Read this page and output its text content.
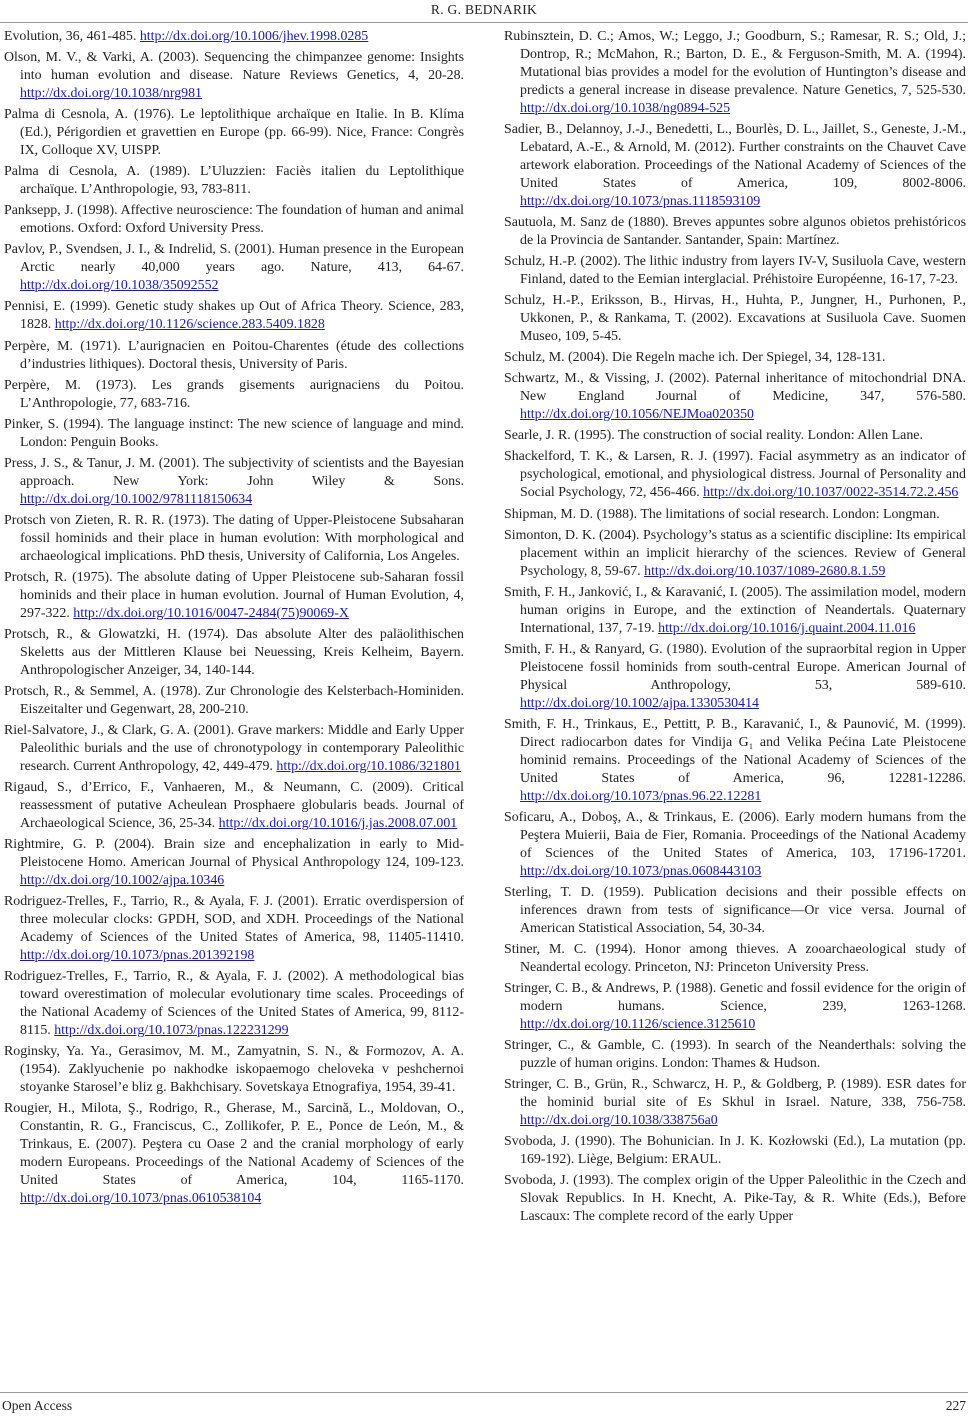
R. G. BEDNARIK

Evolution, 36, 461-485. http://dx.doi.org/10.1006/jhev.1998.0285

Olson, M. V., & Varki, A. (2003). Sequencing the chimpanzee genome: Insights into human evolution and disease. Nature Reviews Genetics, 4, 20-28. http://dx.doi.org/10.1038/nrg981

Palma di Cesnola, A. (1976). Le leptolithique archaïque en Italie. In B. Klíma (Ed.), Périgordien et gravettien en Europe (pp. 66-99). Nice, France: Congrès IX, Colloque XV, UISPP.

Palma di Cesnola, A. (1989). L’Uluzzien: Faciès italien du Leptolithique archaïque. L’Anthropologie, 93, 783-811.

Panksepp, J. (1998). Affective neuroscience: The foundation of human and animal emotions. Oxford: Oxford University Press.

Pavlov, P., Svendsen, J. I., & Indrelid, S. (2001). Human presence in the European Arctic nearly 40,000 years ago. Nature, 413, 64-67. http://dx.doi.org/10.1038/35092552

Pennisi, E. (1999). Genetic study shakes up Out of Africa Theory. Science, 283, 1828. http://dx.doi.org/10.1126/science.283.5409.1828

Perpère, M. (1971). L’aurignacien en Poitou-Charentes (étude des collections d’industries lithiques). Doctoral thesis, University of Paris.

Perpère, M. (1973). Les grands gisements aurignaciens du Poitou. L’Anthropologie, 77, 683-716.

Pinker, S. (1994). The language instinct: The new science of language and mind. London: Penguin Books.

Press, J. S., & Tanur, J. M. (2001). The subjectivity of scientists and the Bayesian approach. New York: John Wiley & Sons. http://dx.doi.org/10.1002/9781118150634

Protsch von Zieten, R. R. R. (1973). The dating of Upper-Pleistocene Subsaharan fossil hominids and their place in human evolution: With morphological and archaeological implications. PhD thesis, University of California, Los Angeles.

Protsch, R. (1975). The absolute dating of Upper Pleistocene sub-Saharan fossil hominids and their place in human evolution. Journal of Human Evolution, 4, 297-322. http://dx.doi.org/10.1016/0047-2484(75)90069-X

Protsch, R., & Glowatzki, H. (1974). Das absolute Alter des paläolithischen Skeletts aus der Mittleren Klause bei Neuessing, Kreis Kelheim, Bayern. Anthropologischer Anzeiger, 34, 140-144.

Protsch, R., & Semmel, A. (1978). Zur Chronologie des Kelsterbach-Hominiden. Eiszeitalter und Gegenwart, 28, 200-210.

Riel-Salvatore, J., & Clark, G. A. (2001). Grave markers: Middle and Early Upper Paleolithic burials and the use of chronotypology in contemporary Paleolithic research. Current Anthropology, 42, 449-479. http://dx.doi.org/10.1086/321801

Rigaud, S., d’Errico, F., Vanhaeren, M., & Neumann, C. (2009). Critical reassessment of putative Acheulean Prosphaere globularis beads. Journal of Archaeological Science, 36, 25-34. http://dx.doi.org/10.1016/j.jas.2008.07.001

Rightmire, G. P. (2004). Brain size and encephalization in early to Mid-Pleistocene Homo. American Journal of Physical Anthropology 124, 109-123. http://dx.doi.org/10.1002/ajpa.10346

Rodriguez-Trelles, F., Tarrio, R., & Ayala, F. J. (2001). Erratic overdispersion of three molecular clocks: GPDH, SOD, and XDH. Proceedings of the National Academy of Sciences of the United States of America, 98, 11405-11410. http://dx.doi.org/10.1073/pnas.201392198

Rodriguez-Trelles, F., Tarrio, R., & Ayala, F. J. (2002). A methodological bias toward overestimation of molecular evolutionary time scales. Proceedings of the National Academy of Sciences of the United States of America, 99, 8112-8115. http://dx.doi.org/10.1073/pnas.122231299

Roginsky, Ya. Ya., Gerasimov, M. M., Zamyatnin, S. N., & Formozov, A. A. (1954). Zaklyuchenie po nakhodke iskopaemogo cheloveka v peshchernoi stoyanke Starosel’e bliz g. Bakhchisary. Sovetskaya Etnografiya, 1954, 39-41.

Rougier, H., Milota, Ş., Rodrigo, R., Gherase, M., Sarcină, L., Moldovan, O., Constantin, R. G., Franciscus, C., Zollikofer, P. E., Ponce de León, M., & Trinkaus, E. (2007). Peştera cu Oase 2 and the cranial morphology of early modern Europeans. Proceedings of the National Academy of Sciences of the United States of America, 104, 1165-1170. http://dx.doi.org/10.1073/pnas.0610538104

Rubinsztein, D. C.; Amos, W.; Leggo, J.; Goodburn, S.; Ramesar, R. S.; Old, J.; Dontrop, R.; McMahon, R.; Barton, D. E., & Ferguson-Smith, M. A. (1994). Mutational bias provides a model for the evolution of Huntington’s disease and predicts a general increase in disease prevalence. Nature Genetics, 7, 525-530. http://dx.doi.org/10.1038/ng0894-525

Sadier, B., Delannoy, J.-J., Benedetti, L., Bourlès, D. L., Jaillet, S., Geneste, J.-M., Lebatard, A.-E., & Arnold, M. (2012). Further constraints on the Chauvet Cave artework elaboration. Proceedings of the National Academy of Sciences of the United States of America, 109, 8002-8006. http://dx.doi.org/10.1073/pnas.1118593109

Sautuola, M. Sanz de (1880). Breves appuntes sobre algunos obietos prehistóricos de la Provincia de Santander. Santander, Spain: Martínez.

Schulz, H.-P. (2002). The lithic industry from layers IV-V, Susiluola Cave, western Finland, dated to the Eemian interglacial. Préhistoire Européenne, 16-17, 7-23.

Schulz, H.-P., Eriksson, B., Hirvas, H., Huhta, P., Jungner, H., Purhonen, P., Ukkonen, P., & Rankama, T. (2002). Excavations at Susiluola Cave. Suomen Museo, 109, 5-45.

Schulz, M. (2004). Die Regeln mache ich. Der Spiegel, 34, 128-131.

Schwartz, M., & Vissing, J. (2002). Paternal inheritance of mitochondrial DNA. New England Journal of Medicine, 347, 576-580. http://dx.doi.org/10.1056/NEJMoa020350

Searle, J. R. (1995). The construction of social reality. London: Allen Lane.

Shackelford, T. K., & Larsen, R. J. (1997). Facial asymmetry as an indicator of psychological, emotional, and physiological distress. Journal of Personality and Social Psychology, 72, 456-466. http://dx.doi.org/10.1037/0022-3514.72.2.456

Shipman, M. D. (1988). The limitations of social research. London: Longman.

Simonton, D. K. (2004). Psychology’s status as a scientific discipline: Its empirical placement within an implicit hierarchy of the sciences. Review of General Psychology, 8, 59-67. http://dx.doi.org/10.1037/1089-2680.8.1.59

Smith, F. H., Janković, I., & Karavanić, I. (2005). The assimilation model, modern human origins in Europe, and the extinction of Neandertals. Quaternary International, 137, 7-19. http://dx.doi.org/10.1016/j.quaint.2004.11.016

Smith, F. H., & Ranyard, G. (1980). Evolution of the supraorbital region in Upper Pleistocene fossil hominids from south-central Europe. American Journal of Physical Anthropology, 53, 589-610. http://dx.doi.org/10.1002/ajpa.1330530414

Smith, F. H., Trinkaus, E., Pettitt, P. B., Karavanić, I., & Paunović, M. (1999). Direct radiocarbon dates for Vindija G₁ and Velika Pećina Late Pleistocene hominid remains. Proceedings of the National Academy of Sciences of the United States of America, 96, 12281-12286. http://dx.doi.org/10.1073/pnas.96.22.12281

Soficaru, A., Doboş, A., & Trinkaus, E. (2006). Early modern humans from the Peştera Muierii, Baia de Fier, Romania. Proceedings of the National Academy of Sciences of the United States of America, 103, 17196-17201. http://dx.doi.org/10.1073/pnas.0608443103

Sterling, T. D. (1959). Publication decisions and their possible effects on inferences drawn from tests of significance—Or vice versa. Journal of American Statistical Association, 54, 30-34.

Stiner, M. C. (1994). Honor among thieves. A zooarchaeological study of Neandertal ecology. Princeton, NJ: Princeton University Press.

Stringer, C. B., & Andrews, P. (1988). Genetic and fossil evidence for the origin of modern humans. Science, 239, 1263-1268. http://dx.doi.org/10.1126/science.3125610

Stringer, C., & Gamble, C. (1993). In search of the Neanderthals: solving the puzzle of human origins. London: Thames & Hudson.

Stringer, C. B., Grün, R., Schwarcz, H. P., & Goldberg, P. (1989). ESR dates for the hominid burial site of Es Skhul in Israel. Nature, 338, 756-758. http://dx.doi.org/10.1038/338756a0

Svoboda, J. (1990). The Bohunician. In J. K. Kozłowski (Ed.), La mutation (pp. 169-192). Liège, Belgium: ERAUL.

Svoboda, J. (1993). The complex origin of the Upper Paleolithic in the Czech and Slovak Republics. In H. Knecht, A. Pike-Tay, & R. White (Eds.), Before Lascaux: The complete record of the early Upper

Open Access	227
